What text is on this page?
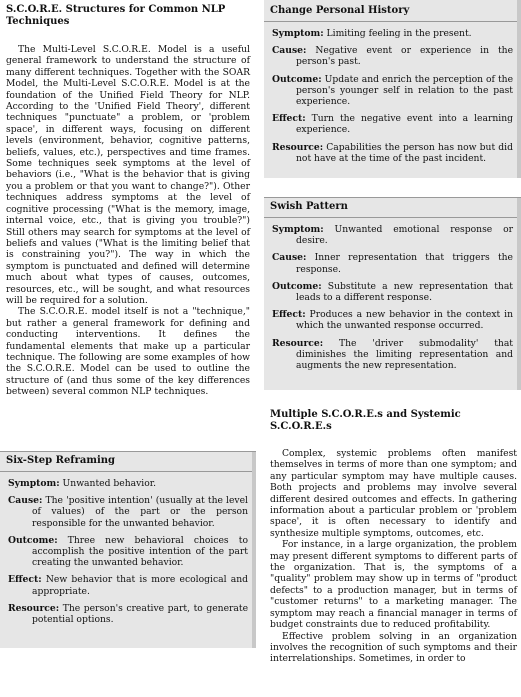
S.C.O.R.E. Structures for Common NLP Techniques

The Multi-Level S.C.O.R.E. Model is a useful general framework to understand the structure of many different techniques. Together with the SOAR Model, the Multi-Level S.C.O.R.E. Model is at the foundation of the Unified Field Theory for NLP. According to the 'Unified Field Theory', different techniques "punctuate" a problem, or 'problem space', in different ways, focusing on different levels (environment, behavior, cognitive patterns, beliefs, values, etc.), perspectives and time frames. Some techniques seek symptoms at the level of behaviors (i.e., "What is the behavior that is giving you a problem or that you want to change?"). Other techniques address symptoms at the level of cognitive processing ("What is the memory, image, internal voice, etc., that is giving you trouble?") Still others may search for symptoms at the level of beliefs and values ("What is the limiting belief that is constraining you?"). The way in which the symptom is punctuated and defined will determine much about what types of causes, outcomes, resources, etc., will be sought, and what resources will be required for a solution.

The S.C.O.R.E. model itself is not a "technique," but rather a general framework for defining and conducting interventions. It defines the fundamental elements that make up a particular technique. The following are some examples of how the S.C.O.R.E. Model can be used to outline the structure of (and thus some of the key differences between) several common NLP techniques.

Six-Step Reframing

Symptom: Unwanted behavior.

Cause: The 'positive intention' (usually at the level of values) of the part or the person responsible for the unwanted behavior.

Outcome: Three new behavioral choices to accomplish the positive intention of the part creating the unwanted behavior.

Effect: New behavior that is more ecological and appropriate.

Resource: The person's creative part, to generate potential options.

Change Personal History

Symptom: Limiting feeling in the present.

Cause: Negative event or experience in the person's past.

Outcome: Update and enrich the perception of the person's younger self in relation to the past experience.

Effect: Turn the negative event into a learning experience.

Resource: Capabilities the person has now but did not have at the time of the past incident.

Swish Pattern

Symptom: Unwanted emotional response or desire.

Cause: Inner representation that triggers the response.

Outcome: Substitute a new representation that leads to a different response.

Effect: Produces a new behavior in the context in which the unwanted response occurred.

Resource: The 'driver submodality' that diminishes the limiting representation and augments the new representation.

Multiple S.C.O.R.E.s and Systemic S.C.O.R.E.s

Complex, systemic problems often manifest themselves in terms of more than one symptom; and any particular symptom may have multiple causes. Both projects and problems may involve several different desired outcomes and effects. In gathering information about a particular problem or 'problem space', it is often necessary to identify and synthesize multiple symptoms, outcomes, etc.

For instance, in a large organization, the problem may present different symptoms to different parts of the organization. That is, the symptoms of a "quality" problem may show up in terms of "product defects" to a production manager, but in terms of "customer returns" to a marketing manager. The symptom may reach a financial manager in terms of budget constraints due to reduced profitability.

Effective problem solving in an organization involves the recognition of such symptoms and their interrelationships. Sometimes, in order to
